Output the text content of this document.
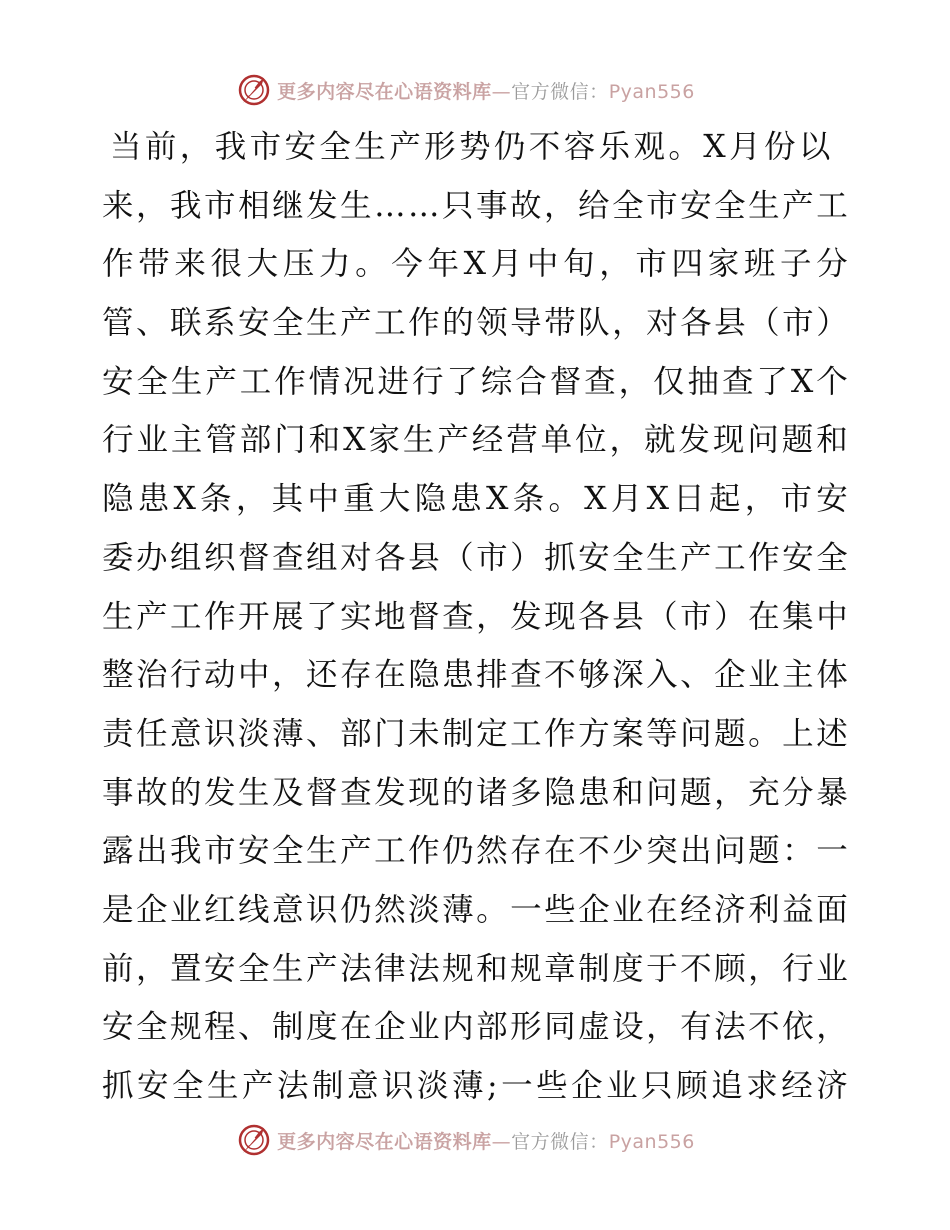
更多内容尽在心语资料库—官方微信：Pyan556
当前，我市安全生产形势仍不容乐观。X月份以
来，我市相继发生……只事故，给全市安全生产工
作带来很大压力。今年X月中旬，市四家班子分
管、联系安全生产工作的领导带队，对各县（市）
安全生产工作情况进行了综合督查，仅抽查了X个
行业主管部门和X家生产经营单位，就发现问题和
隐患X条，其中重大隐患X条。X月X日起，市安
委办组织督查组对各县（市）抓安全生产工作安全
生产工作开展了实地督查，发现各县（市）在集中
整治行动中，还存在隐患排查不够深入、企业主体
责任意识淡薄、部门未制定工作方案等问题。上述
事故的发生及督查发现的诸多隐患和问题，充分暴
露出我市安全生产工作仍然存在不少突出问题：一
是企业红线意识仍然淡薄。一些企业在经济利益面
前，置安全生产法律法规和规章制度于不顾，行业
安全规程、制度在企业内部形同虚设，有法不依，
抓安全生产法制意识淡薄;一些企业只顾追求经济
更多内容尽在心语资料库—官方微信：Pyan556
